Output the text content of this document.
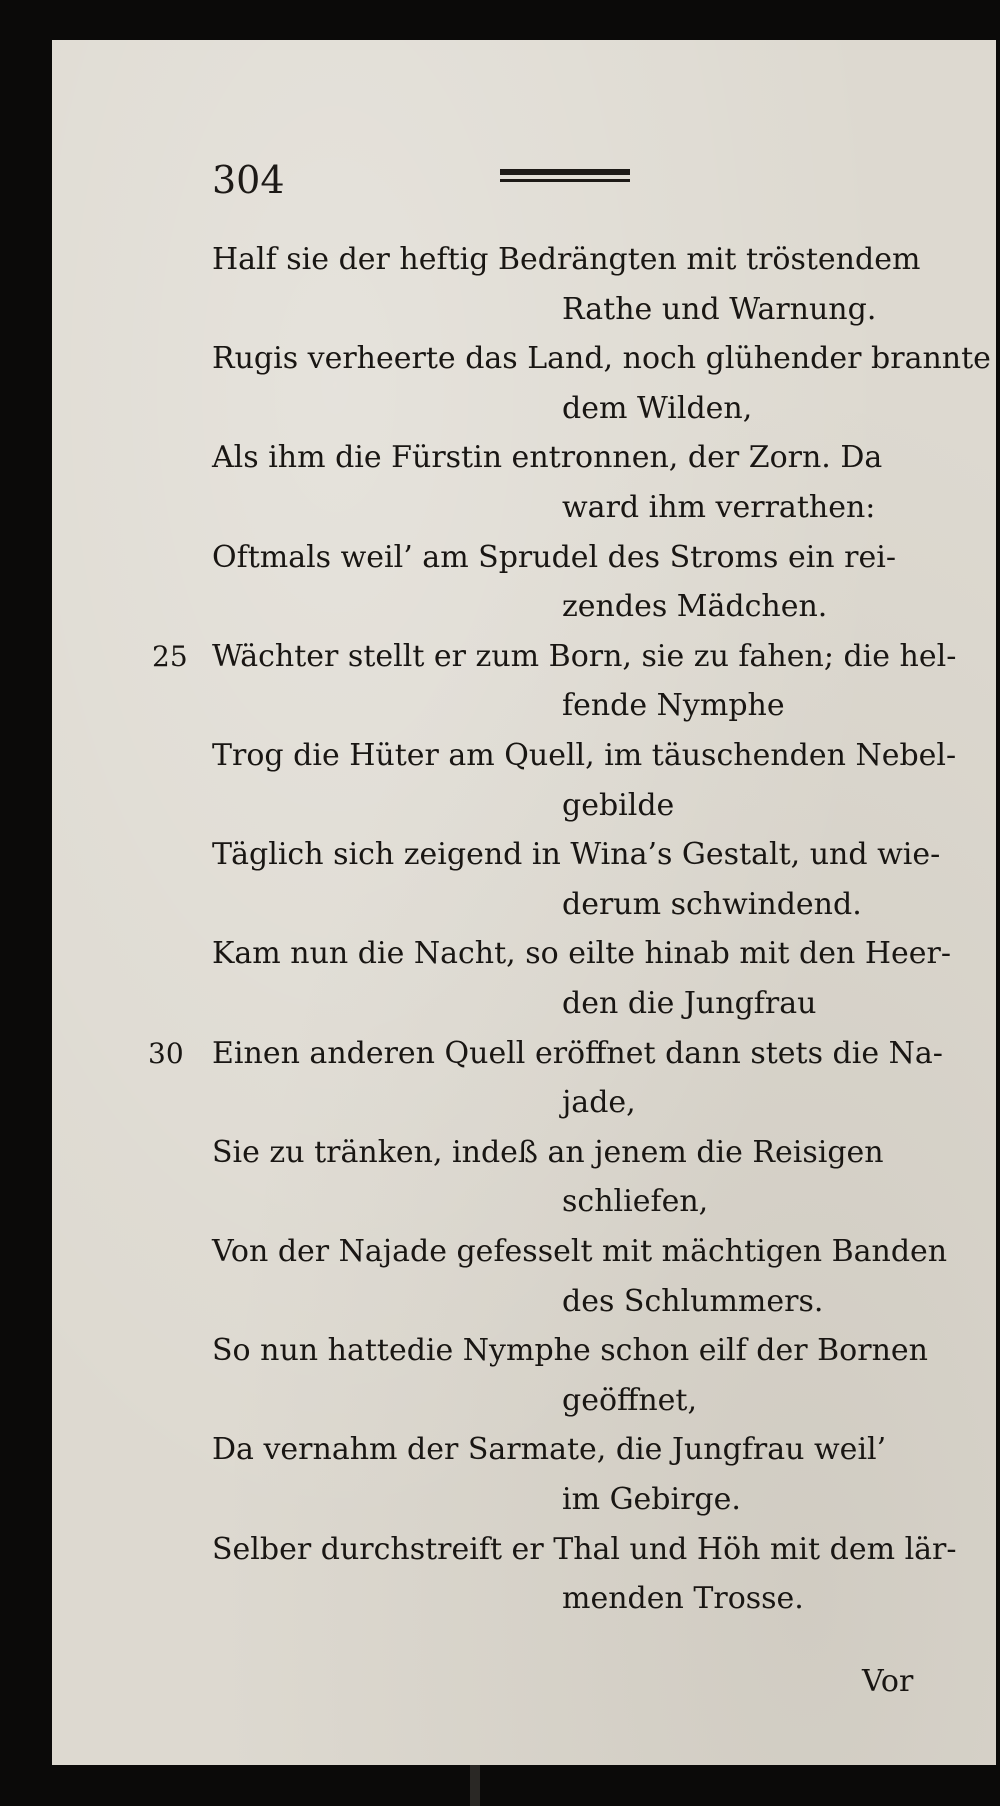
304
Half sie der heftig Bedrängten mit tröstendem
Rathe und Warnung.
Rugis verheerte das Land, noch glühender brannte
dem Wilden,
Als ihm die Fürstin entronnen, der Zorn. Da
ward ihm verrathen:
Oftmals weil’ am Sprudel des Stroms ein rei-
zendes Mädchen.
Wächter stellt er zum Born, sie zu fahen; die hel-
fende Nymphe
Trog die Hüter am Quell, im täuschenden Nebel-
gebilde
Täglich sich zeigend in Wina’s Gestalt, und wie-
derum schwindend.
Kam nun die Nacht, so eilte hinab mit den Heer-
den die Jungfrau
Einen anderen Quell eröffnet dann stets die Na-
jade,
Sie zu tränken, indeß an jenem die Reisigen
schliefen,
Von der Najade gefesselt mit mächtigen Banden
des Schlummers.
So nun hattedie Nymphe schon eilf der Bornen
geöffnet,
Da vernahm der Sarmate, die Jungfrau weil’
im Gebirge.
Selber durchstreift er Thal und Höh mit dem lär-
menden Trosse.
25
30
Vor
